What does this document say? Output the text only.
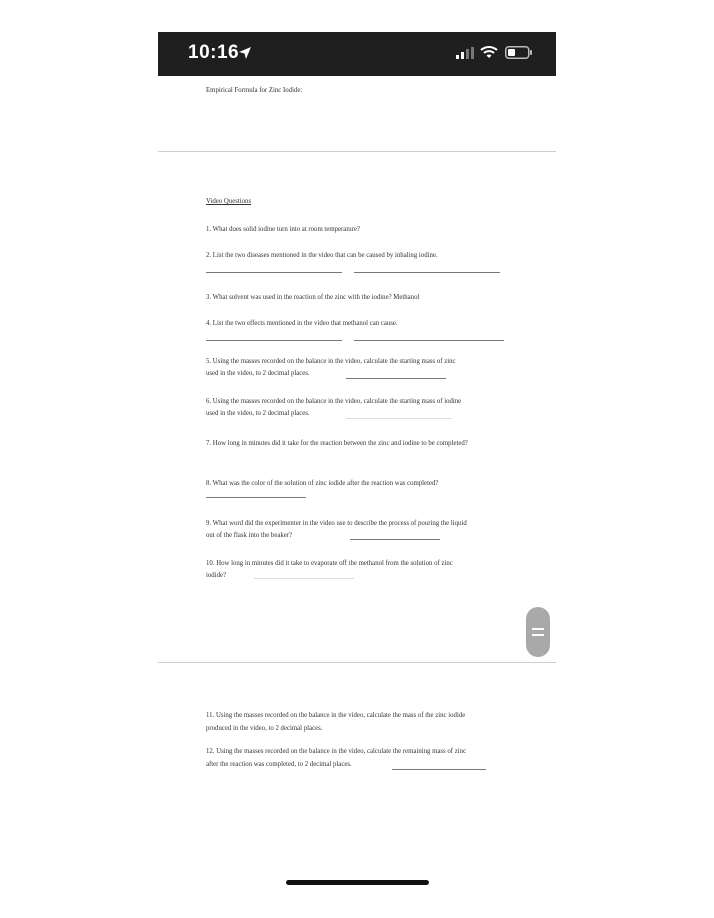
10:16
Empirical Formula for Zinc Iodide:
Video Questions
1. What does solid iodine turn into at room temperature?
2. List the two diseases mentioned in the video that can be caused by inhaling iodine.
3. What solvent was used in the reaction of the zinc with the iodine? Methanol
4. List the two effects mentioned in the video that methanol can cause.
5. Using the masses recorded on the balance in the video, calculate the starting mass of zinc
used in the video, to 2 decimal places.
6. Using the masses recorded on the balance in the video, calculate the starting mass of iodine
used in the video, to 2 decimal places.
7. How long in minutes did it take for the reaction between the zinc and iodine to be completed?
8. What was the color of the solution of zinc iodide after the reaction was completed?
9. What word did the experimenter in the video use to describe the process of pouring the liquid
out of the flask into the beaker?
10. How long in minutes did it take to evaporate off the methanol from the solution of zinc
iodide?
11. Using the masses recorded on the balance in the video, calculate the mass of the zinc iodide
produced in the video, to 2 decimal places.
12. Using the masses recorded on the balance in the video, calculate the remaining mass of zinc
after the reaction was completed, to 2 decimal places.
